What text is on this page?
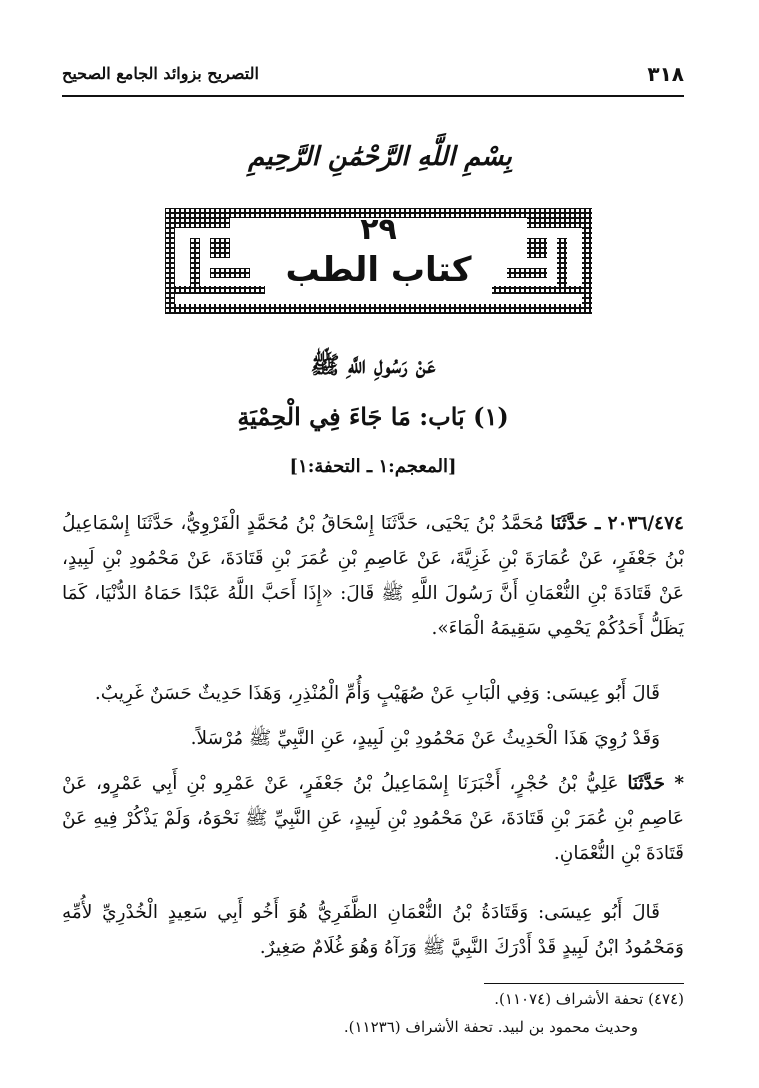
٣١٨
التصريح بزوائد الجامع الصحيح
بِسْمِ اللَّهِ الرَّحْمَٰنِ الرَّحِيمِ
٢٩
كتاب الطب
عَنْ رَسُولِ اللَّهِ ﷺ
(١) بَاب: مَا جَاءَ فِي الْحِمْيَةِ
[المعجم:١ ـ التحفة:١]
٢٠٣٦/٤٧٤ ـ حَدَّثَنَا مُحَمَّدُ بْنُ يَحْيَى، حَدَّثَنَا إِسْحَاقُ بْنُ مُحَمَّدٍ الْفَرْوِيُّ، حَدَّثَنَا إِسْمَاعِيلُ بْنُ جَعْفَرٍ، عَنْ عُمَارَةَ بْنِ غَزِيَّةَ، عَنْ عَاصِمِ بْنِ عُمَرَ بْنِ قَتَادَةَ، عَنْ مَحْمُودِ بْنِ لَبِيدٍ، عَنْ قَتَادَةَ بْنِ النُّعْمَانِ أَنَّ رَسُولَ اللَّهِ ﷺ قَالَ: «إِذَا أَحَبَّ اللَّهُ عَبْدًا حَمَاهُ الدُّنْيَا، كَمَا يَظَلُّ أَحَدُكُمْ يَحْمِي سَقِيمَهُ الْمَاءَ».
قَالَ أَبُو عِيسَى: وَفِي الْبَابِ عَنْ صُهَيْبٍ وَأُمِّ الْمُنْذِرِ، وَهَذَا حَدِيثٌ حَسَنٌ غَرِيبٌ.
وَقَدْ رُوِيَ هَذَا الْحَدِيثُ عَنْ مَحْمُودِ بْنِ لَبِيدٍ، عَنِ النَّبِيِّ ﷺ مُرْسَلاً.
* حَدَّثَنَا عَلِيُّ بْنُ حُجْرٍ، أَخْبَرَنَا إِسْمَاعِيلُ بْنُ جَعْفَرٍ، عَنْ عَمْرِو بْنِ أَبِي عَمْرٍو، عَنْ عَاصِمِ بْنِ عُمَرَ بْنِ قَتَادَةَ، عَنْ مَحْمُودِ بْنِ لَبِيدٍ، عَنِ النَّبِيِّ ﷺ نَحْوَهُ، وَلَمْ يَذْكُرْ فِيهِ عَنْ قَتَادَةَ بْنِ النُّعْمَانِ.
قَالَ أَبُو عِيسَى: وَقَتَادَةُ بْنُ النُّعْمَانِ الظَّفَرِيُّ هُوَ أَخُو أَبِي سَعِيدٍ الْخُدْرِيِّ لأُمِّهِ وَمَحْمُودُ ابْنُ لَبِيدٍ قَدْ أَدْرَكَ النَّبِيَّ ﷺ وَرَآهُ وَهُوَ غُلَامٌ صَغِيرٌ.
(٤٧٤) تحفة الأشراف (١١٠٧٤).
وحديث محمود بن لبيد. تحفة الأشراف (١١٢٣٦).
